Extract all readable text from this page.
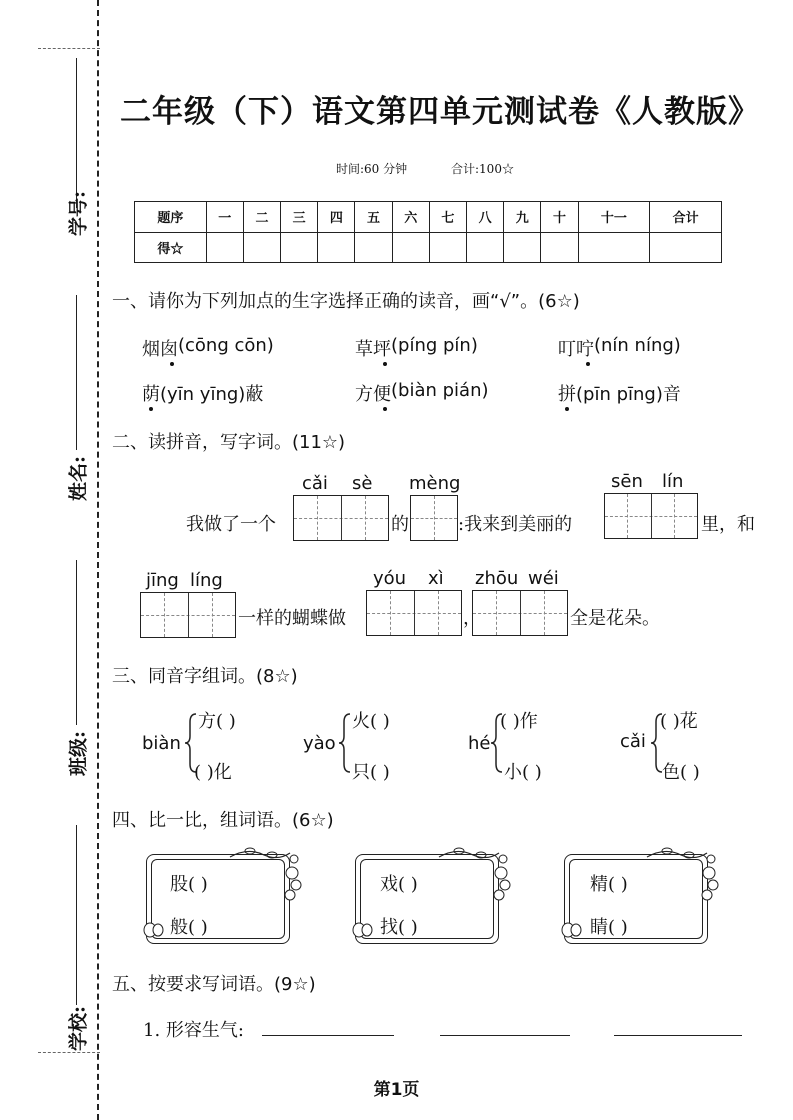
学号:
姓名:
班级:
学校:
二年级（下）语文第四单元测试卷《人教版》
时间:60 分钟	合计:100☆
题序	一	二	三	四	五	六	七	八	九	十	十一	合计
得☆												
一、请你为下列加点的生字选择正确的读音，画“√”。(6☆)
烟囱 (cōng cōn)	草坪 (píng pín)	叮咛 (nín níng)
荫 (yīn yīng)蔽	方便 (biàn pián)	拼 (pīn pīng)音
二、读拼音，写字词。(11☆)
cǎi sè mèng	sēn lín
我做了一个	的	:我来到美丽的	里，和
jīng líng	yóu xì zhōu wéi
一样的蝴蝶做	，	全是花朵。
三、同音字组词。(8☆)
biàn
方( )
( )化
yào
火( )
只( )
hé
( )作
小( )
cǎi
( )花
色( )
四、比一比，组词语。(6☆)
股( )
般( )
戏( )
找( )
精( )
睛( )
五、按要求写词语。(9☆)
1. 形容生气:
第1页
